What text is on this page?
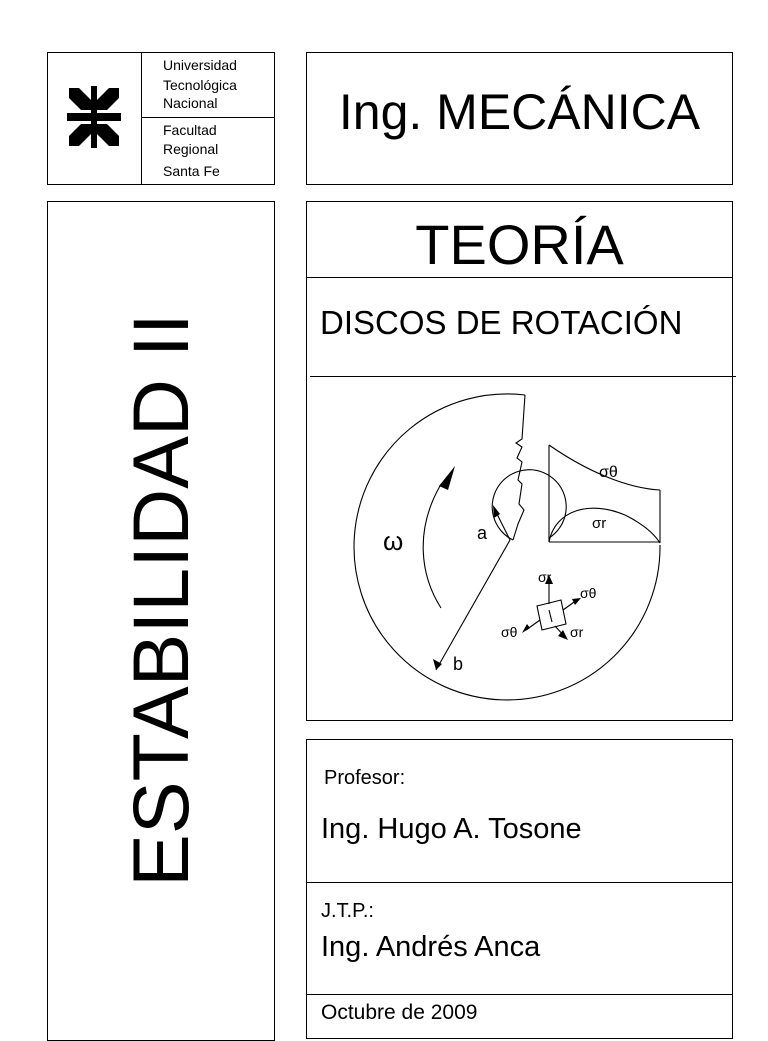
Universidad
Tecnológica
Nacional
Facultad
Regional
Santa Fe
Ing. MECÁNICA
ESTABILIDAD II
TEORÍA
DISCOS DE ROTACIÓN
ω	a
b
σθ
σr
σr
σθ
σθ	σr
Profesor:
Ing. Hugo A. Tosone
J.T.P.:
Ing. Andrés Anca
Octubre de 2009
